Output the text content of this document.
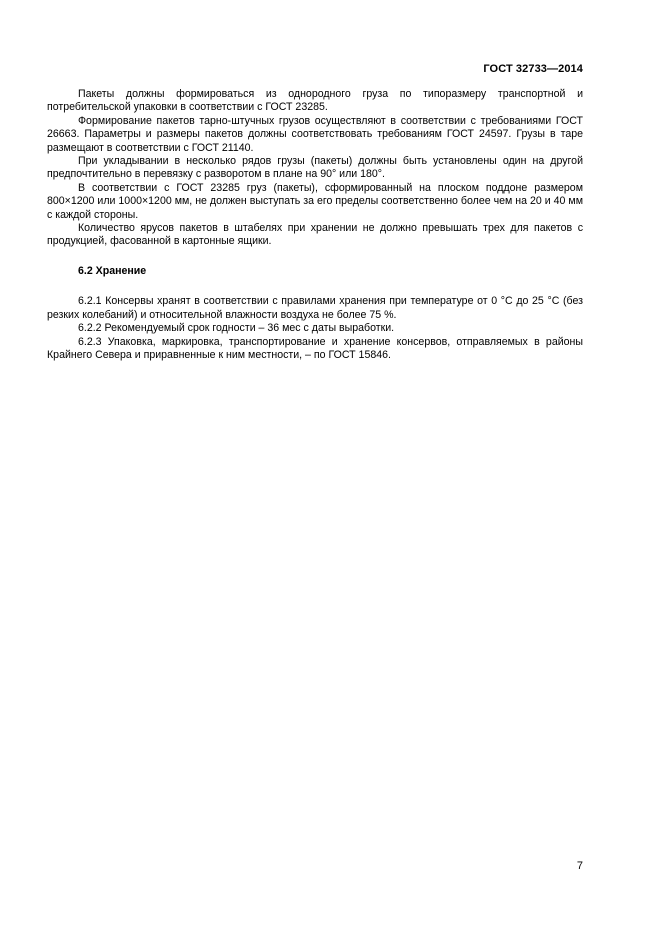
ГОСТ 32733—2014

Пакеты должны формироваться из однородного груза по типоразмеру транспортной и потребительской упаковки в соответствии с ГОСТ 23285.

Формирование пакетов тарно-штучных грузов осуществляют в соответствии с требованиями ГОСТ 26663. Параметры и размеры пакетов должны соответствовать требованиям ГОСТ 24597. Грузы в таре размещают в соответствии с ГОСТ 21140.

При укладывании в несколько рядов грузы (пакеты) должны быть установлены один на другой предпочтительно в перевязку с разворотом в плане на 90° или 180°.

В соответствии с ГОСТ 23285 груз (пакеты), сформированный на плоском поддоне размером 800×1200 или 1000×1200 мм, не должен выступать за его пределы соответственно более чем на 20 и 40 мм с каждой стороны.

Количество ярусов пакетов в штабелях при хранении не должно превышать трех для пакетов с продукцией, фасованной в картонные ящики.

6.2 Хранение

6.2.1 Консервы хранят в соответствии с правилами хранения при температуре от 0 °С до 25 °С (без резких колебаний) и относительной влажности воздуха не более 75 %.

6.2.2 Рекомендуемый срок годности – 36 мес с даты выработки.

6.2.3 Упаковка, маркировка, транспортирование и хранение консервов, отправляемых в районы Крайнего Севера и приравненные к ним местности, – по ГОСТ 15846.

7
